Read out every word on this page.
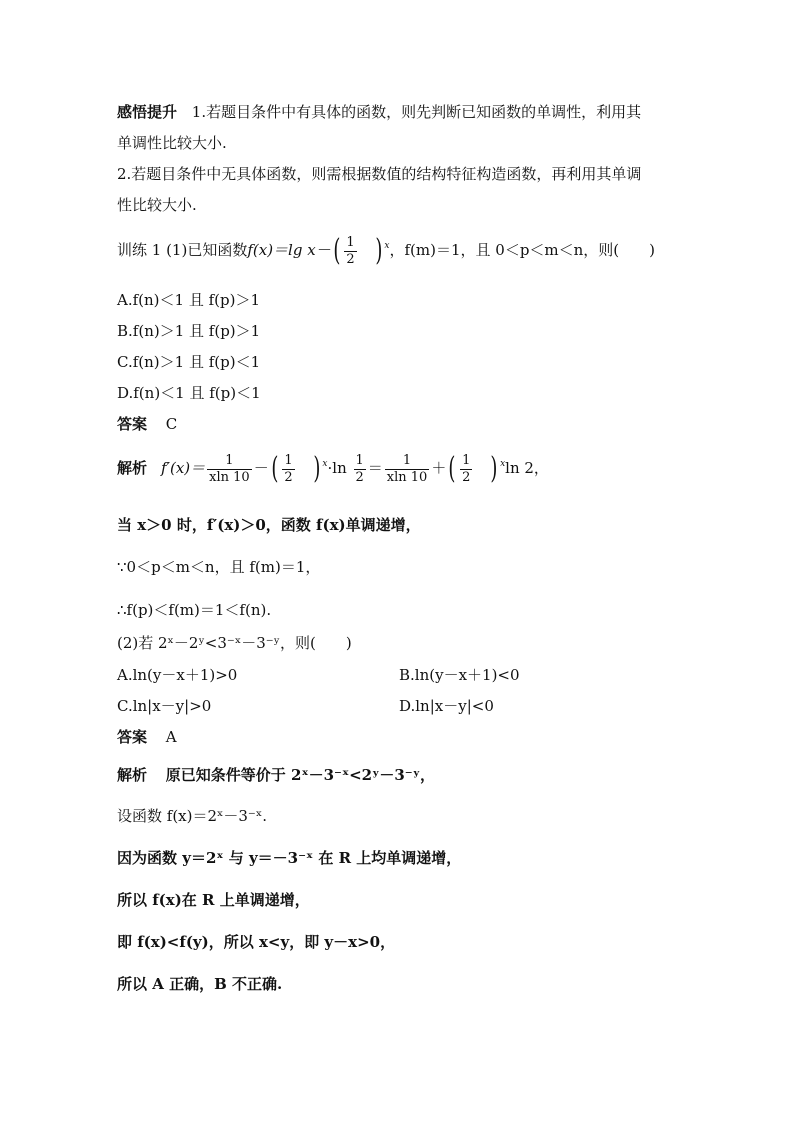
感悟提升 1.若题目条件中有具体的函数，则先判断已知函数的单调性，利用其
单调性比较大小.
2.若题目条件中无具体函数，则需根据数值的结构特征构造函数，再利用其单调
性比较大小.
训练 1 (1)已知函数f(x)＝lg $x-( \frac{1}{2}$ ) $^x$，f(m)＝1，且 0＜p＜m＜n，则(　　)
A.f(n)＜1 且 f(p)＞1
B.f(n)＞1 且 f(p)＞1
C.f(n)＞1 且 f(p)＜1
D.f(n)＜1 且 f(p)＜1
答案 C
解析 $f'(x)= \frac{1}{xln 10}$ －( $\frac{1}{2}$ ) $^x\cdot\ln \frac{1}{2} = \frac{1}{xln 10}$ ＋( $\frac{1}{2}$ ) $^x$ln 2，
当 x＞0 时，f′(x)＞0，函数 f(x)单调递增，
∵0＜p＜m＜n，且 f(m)＝1，
∴f(p)＜f(m)＝1＜f(n).
(2)若 2ˣ－2ʸ<3⁻ˣ－3⁻ʸ，则(　　)
A.ln(y－x＋1)>0	B.ln(y－x＋1)<0
C.ln|x－y|>0	D.ln|x－y|<0
答案 A
解析 原已知条件等价于 2ˣ－3⁻ˣ<2ʸ－3⁻ʸ，
设函数 f(x)＝2ˣ－3⁻ˣ.
因为函数 y＝2ˣ 与 y＝－3⁻ˣ 在 R 上均单调递增，
所以 f(x)在 R 上单调递增，
即 f(x)<f(y)，所以 x<y，即 y－x>0，
所以 A 正确，B 不正确.
